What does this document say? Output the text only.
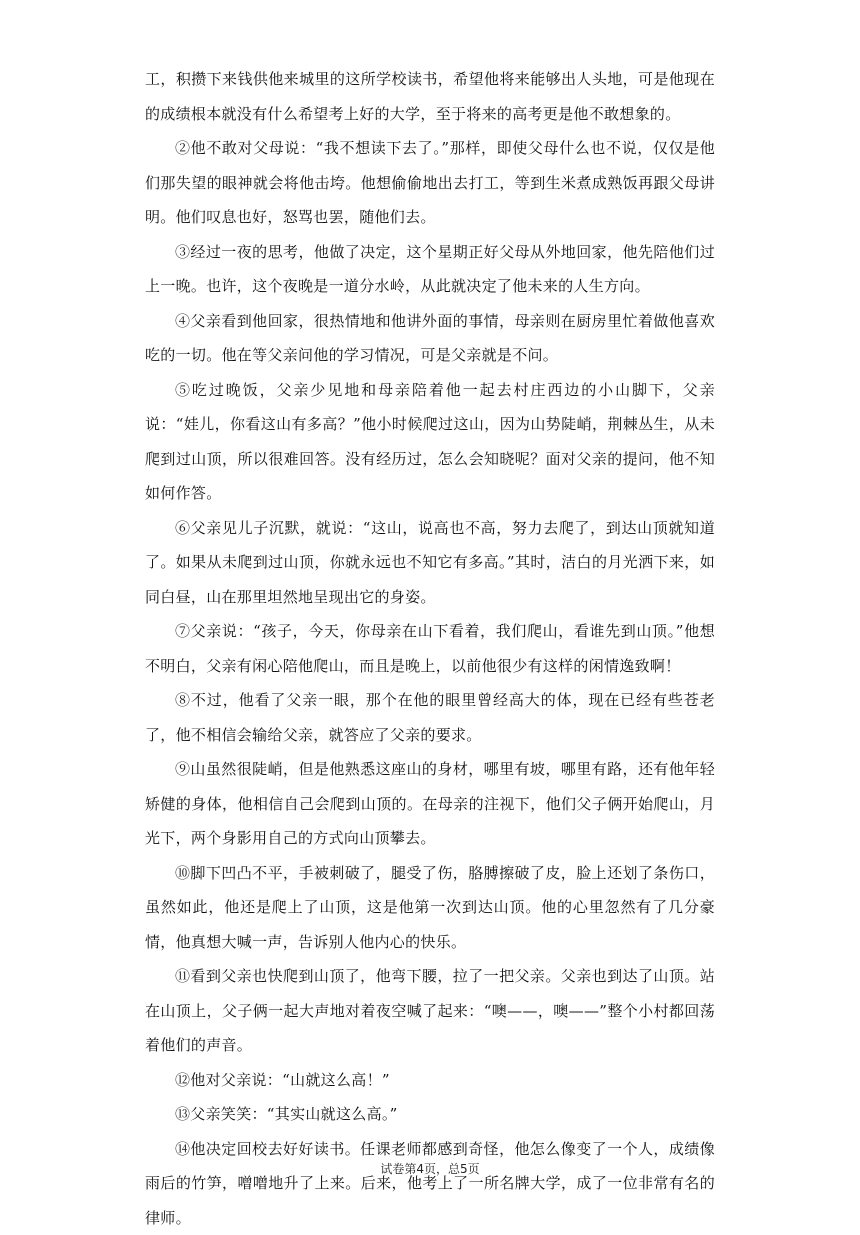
工，积攒下来钱供他来城里的这所学校读书，希望他将来能够出人头地，可是他现在的成绩根本就没有什么希望考上好的大学，至于将来的高考更是他不敢想象的。

②他不敢对父母说：“我不想读下去了。”那样，即使父母什么也不说，仅仅是他们那失望的眼神就会将他击垮。他想偷偷地出去打工，等到生米煮成熟饭再跟父母讲明。他们叹息也好，怒骂也罢，随他们去。

③经过一夜的思考，他做了决定，这个星期正好父母从外地回家，他先陪他们过上一晚。也许，这个夜晚是一道分水岭，从此就决定了他未来的人生方向。

④父亲看到他回家，很热情地和他讲外面的事情，母亲则在厨房里忙着做他喜欢吃的一切。他在等父亲问他的学习情况，可是父亲就是不问。

⑤吃过晚饭，父亲少见地和母亲陪着他一起去村庄西边的小山脚下，父亲说：“娃儿，你看这山有多高？”他小时候爬过这山，因为山势陡峭，荆棘丛生，从未爬到过山顶，所以很难回答。没有经历过，怎么会知晓呢？面对父亲的提问，他不知如何作答。

⑥父亲见儿子沉默，就说：“这山，说高也不高，努力去爬了，到达山顶就知道了。如果从未爬到过山顶，你就永远也不知它有多高。”其时，洁白的月光洒下来，如同白昼，山在那里坦然地呈现出它的身姿。

⑦父亲说：“孩子，今天，你母亲在山下看着，我们爬山，看谁先到山顶。”他想不明白，父亲有闲心陪他爬山，而且是晚上，以前他很少有这样的闲情逸致啊！

⑧不过，他看了父亲一眼，那个在他的眼里曾经高大的体，现在已经有些苍老了，他不相信会输给父亲，就答应了父亲的要求。

⑨山虽然很陡峭，但是他熟悉这座山的身材，哪里有坡，哪里有路，还有他年轻矫健的身体，他相信自己会爬到山顶的。在母亲的注视下，他们父子俩开始爬山，月光下，两个身影用自己的方式向山顶攀去。

⑩脚下凹凸不平，手被刺破了，腿受了伤，胳膊擦破了皮，脸上还划了条伤口，虽然如此，他还是爬上了山顶，这是他第一次到达山顶。他的心里忽然有了几分豪情，他真想大喊一声，告诉别人他内心的快乐。

⑪看到父亲也快爬到山顶了，他弯下腰，拉了一把父亲。父亲也到达了山顶。站在山顶上，父子俩一起大声地对着夜空喊了起来：“噢——，噢——”整个小村都回荡着他们的声音。

⑫他对父亲说：“山就这么高！”

⑬父亲笑笑：“其实山就这么高。”

⑭他决定回校去好好读书。任课老师都感到奇怪，他怎么像变了一个人，成绩像雨后的竹笋，噌噌地升了上来。后来，他考上了一所名牌大学，成了一位非常有名的律师。

试卷第4页，总5页
